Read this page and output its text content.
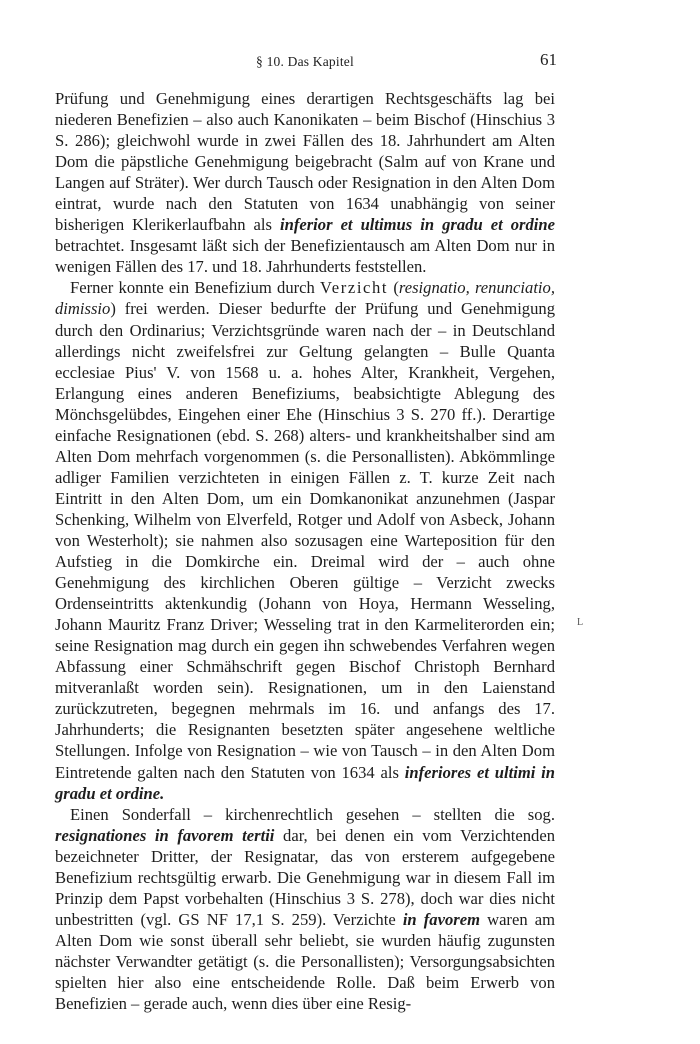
§ 10. Das Kapitel	61

Prüfung und Genehmigung eines derartigen Rechtsgeschäfts lag bei niederen Benefizien – also auch Kanonikaten – beim Bischof (Hinschius 3 S. 286); gleichwohl wurde in zwei Fällen des 18. Jahrhundert am Alten Dom die päpstliche Genehmigung beigebracht (Salm auf von Krane und Langen auf Sträter). Wer durch Tausch oder Resignation in den Alten Dom eintrat, wurde nach den Statuten von 1634 unabhängig von seiner bisherigen Klerikerlaufbahn als inferior et ultimus in gradu et ordine betrachtet. Insgesamt läßt sich der Benefizientausch am Alten Dom nur in wenigen Fällen des 17. und 18. Jahrhunderts feststellen.

Ferner konnte ein Benefizium durch Verzicht (resignatio, renunciatio, dimissio) frei werden. Dieser bedurfte der Prüfung und Genehmigung durch den Ordinarius; Verzichtsgründe waren nach der – in Deutschland allerdings nicht zweifelsfrei zur Geltung gelangten – Bulle Quanta ecclesiae Pius' V. von 1568 u. a. hohes Alter, Krankheit, Vergehen, Erlangung eines anderen Benefiziums, beabsichtigte Ablegung des Mönchsgelübdes, Eingehen einer Ehe (Hinschius 3 S. 270 ff.). Derartige einfache Resignationen (ebd. S. 268) alters- und krankheitshalber sind am Alten Dom mehrfach vorgenommen (s. die Personallisten). Abkömmlinge adliger Familien verzichteten in einigen Fällen z. T. kurze Zeit nach Eintritt in den Alten Dom, um ein Domkanonikat anzunehmen (Jaspar Schenking, Wilhelm von Elverfeld, Rotger und Adolf von Asbeck, Johann von Westerholt); sie nahmen also sozusagen eine Warteposition für den Aufstieg in die Domkirche ein. Dreimal wird der – auch ohne Genehmigung des kirchlichen Oberen gültige – Verzicht zwecks Ordenseintritts aktenkundig (Johann von Hoya, Hermann Wesseling, Johann Mauritz Franz Driver; Wesseling trat in den Karmeliterorden ein; seine Resignation mag durch ein gegen ihn schwebendes Verfahren wegen Abfassung einer Schmähschrift gegen Bischof Christoph Bernhard mitveranlaßt worden sein). Resignationen, um in den Laienstand zurückzutreten, begegnen mehrmals im 16. und anfangs des 17. Jahrhunderts; die Resignanten besetzten später angesehene weltliche Stellungen. Infolge von Resignation – wie von Tausch – in den Alten Dom Eintretende galten nach den Statuten von 1634 als inferiores et ultimi in gradu et ordine.

Einen Sonderfall – kirchenrechtlich gesehen – stellten die sog. resignationes in favorem tertii dar, bei denen ein vom Verzichtenden bezeichneter Dritter, der Resignatar, das von ersterem aufgegebene Benefizium rechtsgültig erwarb. Die Genehmigung war in diesem Fall im Prinzip dem Papst vorbehalten (Hinschius 3 S. 278), doch war dies nicht unbestritten (vgl. GS NF 17,1 S. 259). Verzichte in favorem waren am Alten Dom wie sonst überall sehr beliebt, sie wurden häufig zugunsten nächster Verwandter getätigt (s. die Personallisten); Versorgungsabsichten spielten hier also eine entscheidende Rolle. Daß beim Erwerb von Benefizien – gerade auch, wenn dies über eine Resig-

L
